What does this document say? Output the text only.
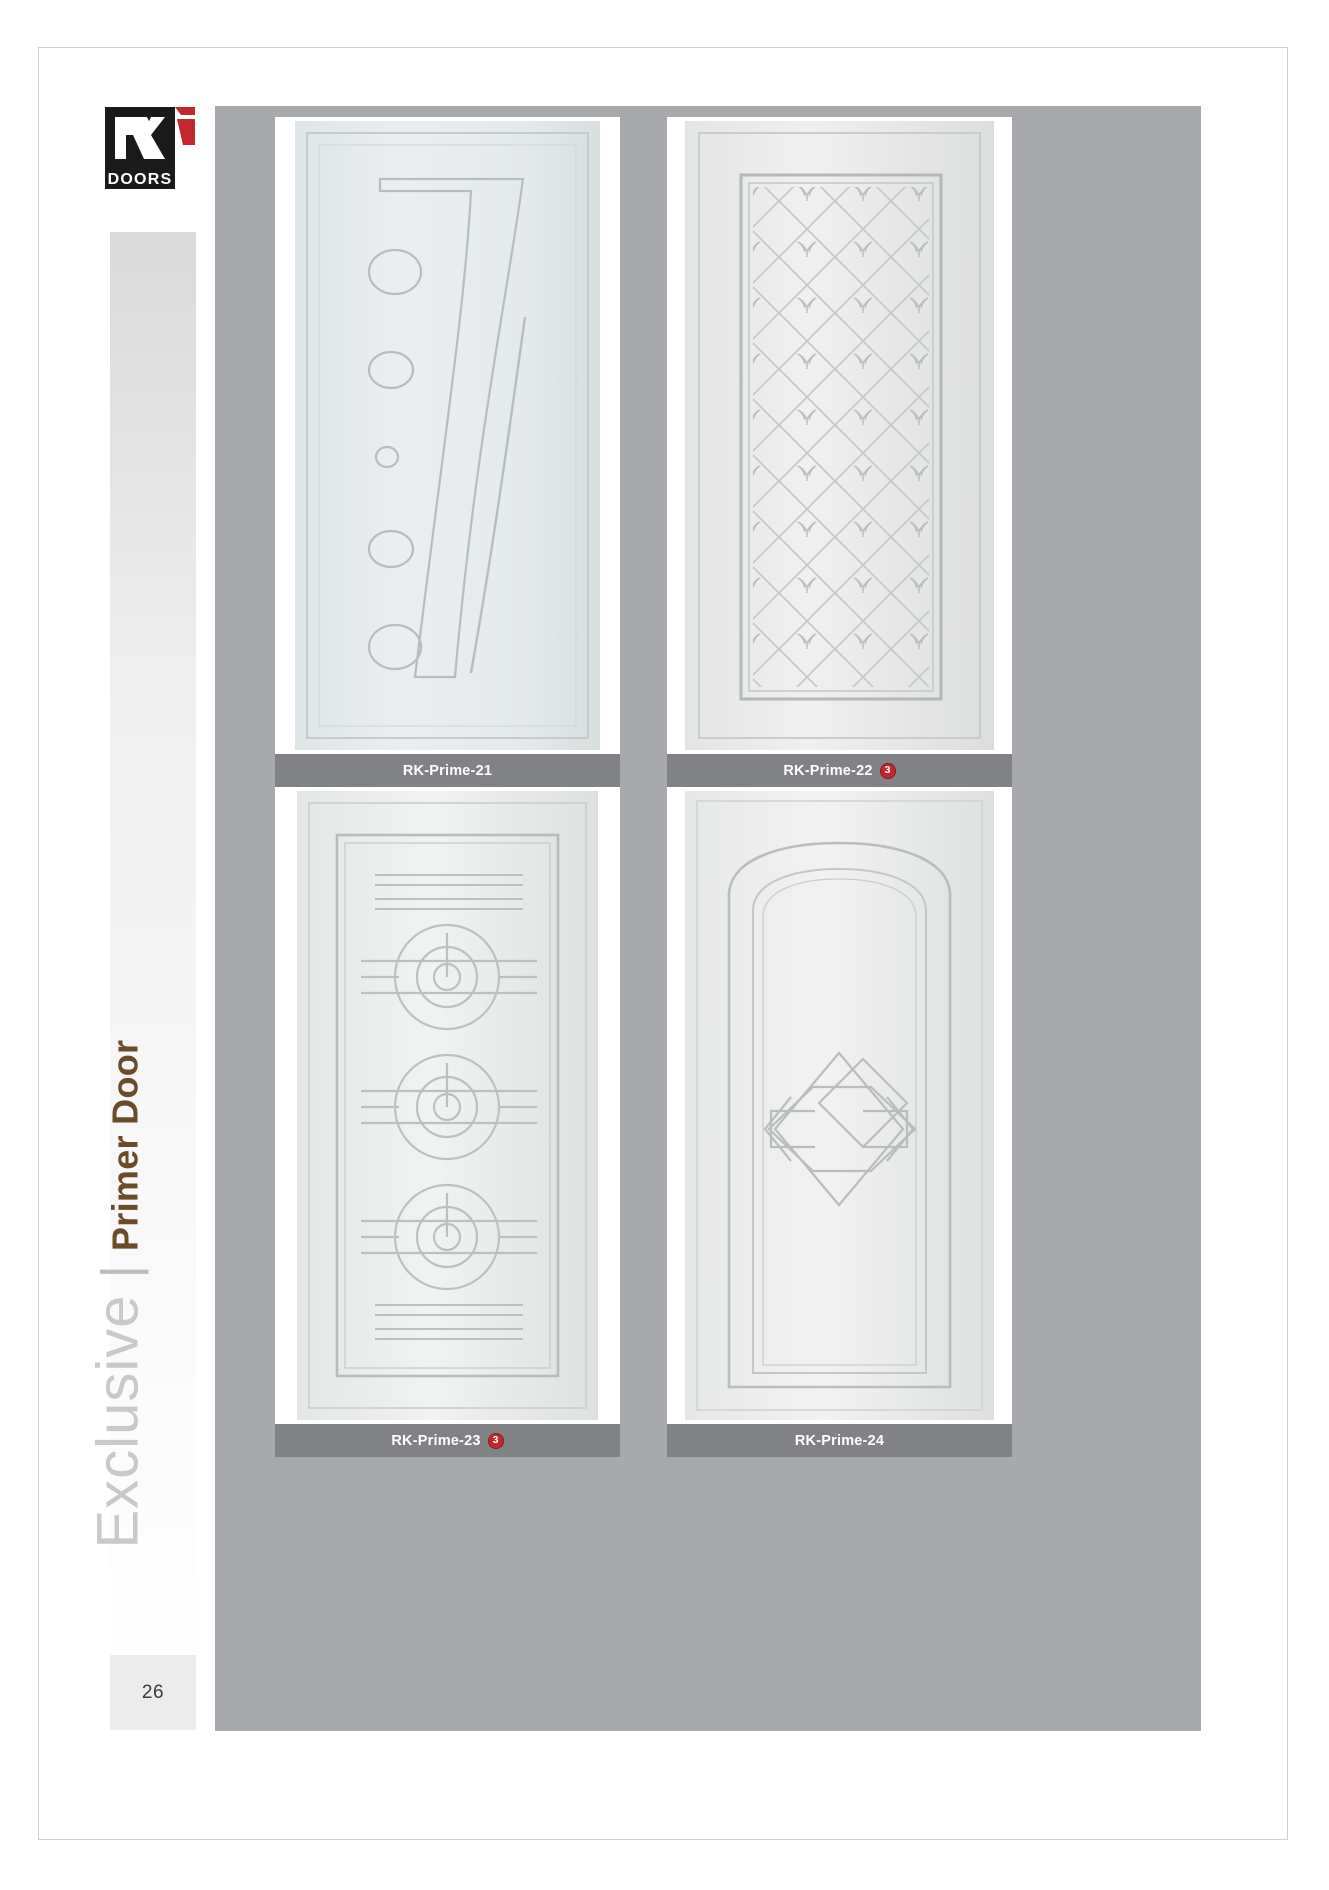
DOORS
Exclusive
|
Primer Door
26
RK-Prime-21	RK-Prime-22	3
RK-Prime-23	3	RK-Prime-24
